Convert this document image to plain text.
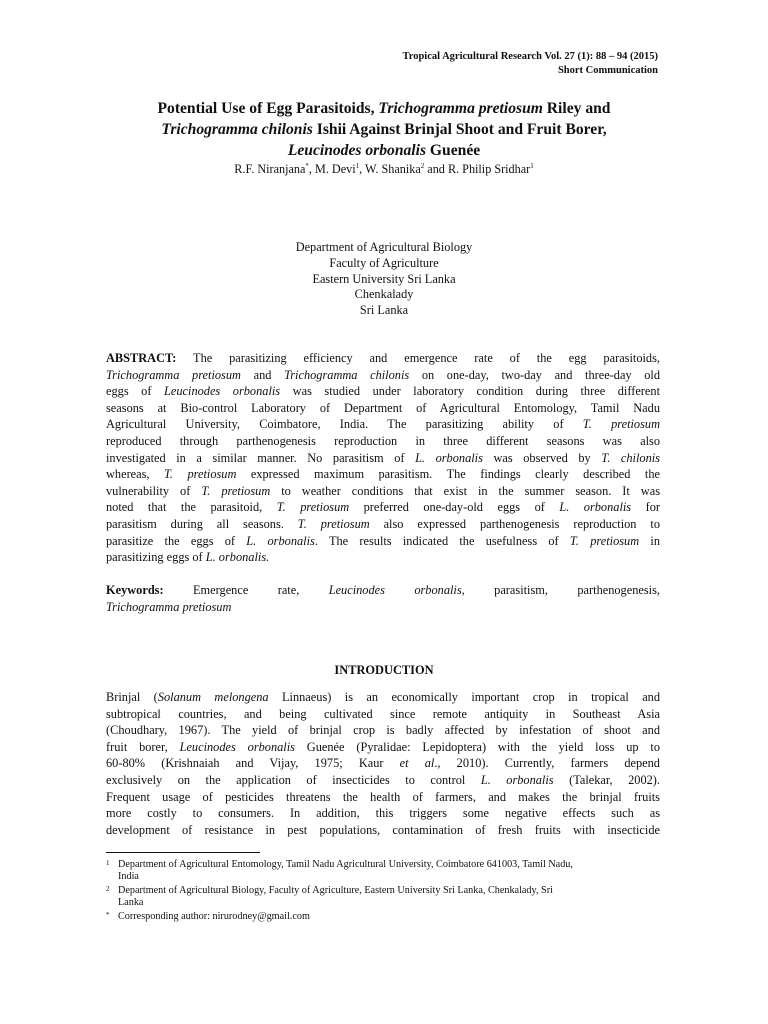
Tropical Agricultural Research Vol. 27 (1): 88 – 94 (2015)
Short Communication
Potential Use of Egg Parasitoids, Trichogramma pretiosum Riley and
Trichogramma chilonis Ishii Against Brinjal Shoot and Fruit Borer,
Leucinodes orbonalis Guenée
R.F. Niranjana*, M. Devi$^1$, W. Shanika$^2$ and R. Philip Sridhar$^1$
Department of Agricultural Biology
Faculty of Agriculture
Eastern University Sri Lanka
Chenkalady
Sri Lanka
ABSTRACT: The parasitizing efficiency and emergence rate of the egg parasitoids,
Trichogramma pretiosum and Trichogramma chilonis on one-day, two-day and three-day old
eggs of Leucinodes orbonalis was studied under laboratory condition during three different
seasons at Bio-control Laboratory of Department of Agricultural Entomology, Tamil Nadu
Agricultural University, Coimbatore, India. The parasitizing ability of T. pretiosum
reproduced through parthenogenesis reproduction in three different seasons was also
investigated in a similar manner. No parasitism of L. orbonalis was observed by T. chilonis
whereas, T. pretiosum expressed maximum parasitism. The findings clearly described the
vulnerability of T. pretiosum to weather conditions that exist in the summer season. It was
noted that the parasitoid, T. pretiosum preferred one-day-old eggs of L. orbonalis for
parasitism during all seasons. T. pretiosum also expressed parthenogenesis reproduction to
parasitize the eggs of L. orbonalis. The results indicated the usefulness of T. pretiosum in
parasitizing eggs of L. orbonalis.
Keywords: Emergence rate, Leucinodes orbonalis, parasitism, parthenogenesis,
Trichogramma pretiosum
INTRODUCTION
Brinjal (Solanum melongena Linnaeus) is an economically important crop in tropical and
subtropical countries, and being cultivated since remote antiquity in Southeast Asia
(Choudhary, 1967). The yield of brinjal crop is badly affected by infestation of shoot and
fruit borer, Leucinodes orbonalis Guenée (Pyralidae: Lepidoptera) with the yield loss up to
60-80% (Krishnaiah and Vijay, 1975; Kaur et al., 2010). Currently, farmers depend
exclusively on the application of insecticides to control L. orbonalis (Talekar, 2002).
Frequent usage of pesticides threatens the health of farmers, and makes the brinjal fruits
more costly to consumers. In addition, this triggers some negative effects such as
development of resistance in pest populations, contamination of fresh fruits with insecticide
1 Department of Agricultural Entomology, Tamil Nadu Agricultural University, Coimbatore 641003, Tamil Nadu,
India
2 Department of Agricultural Biology, Faculty of Agriculture, Eastern University Sri Lanka, Chenkalady, Sri
Lanka
* Corresponding author: nirurodney@gmail.com
